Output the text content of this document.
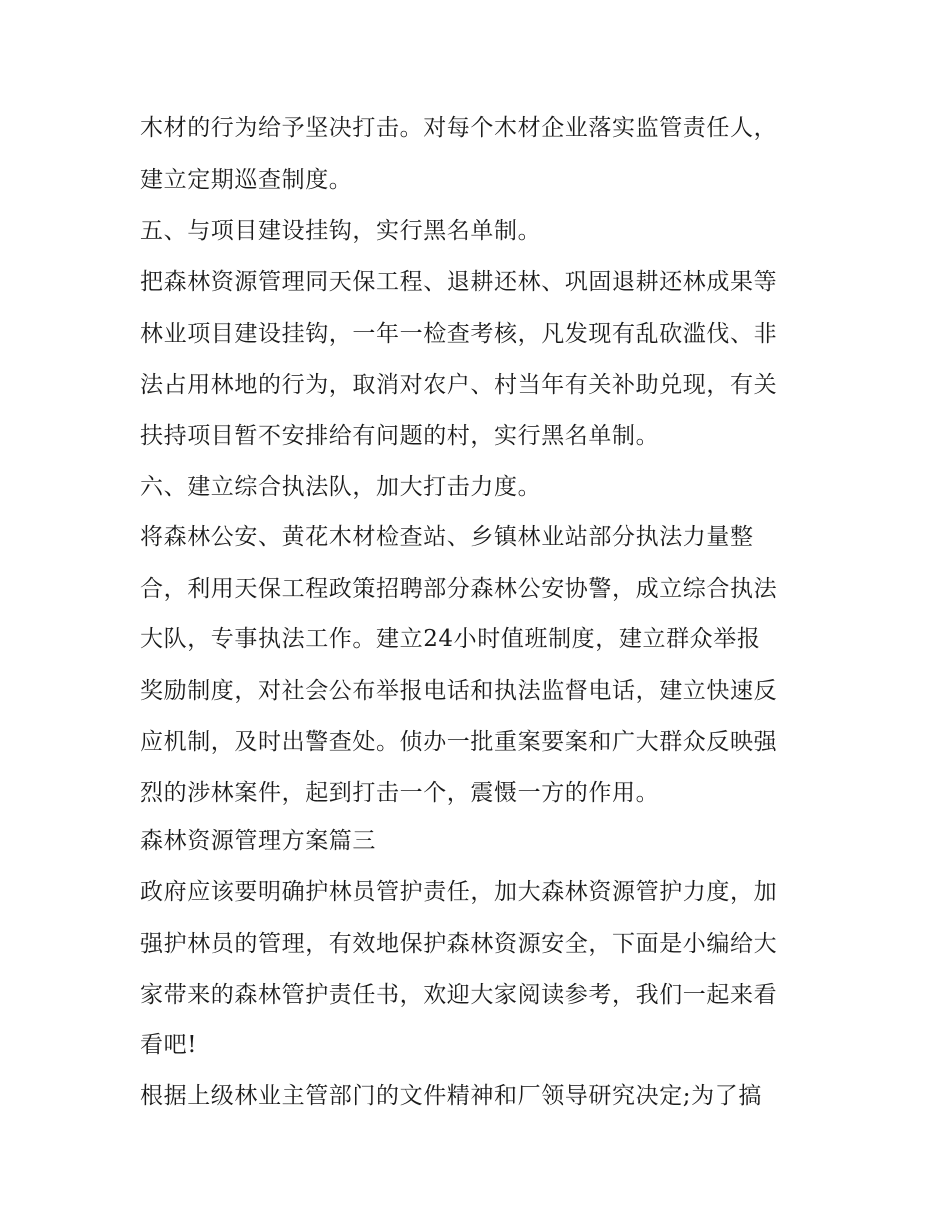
木材的行为给予坚决打击。对每个木材企业落实监管责任人，
建立定期巡查制度。
五、与项目建设挂钩，实行黑名单制。
把森林资源管理同天保工程、退耕还林、巩固退耕还林成果等
林业项目建设挂钩，一年一检查考核，凡发现有乱砍滥伐、非
法占用林地的行为，取消对农户、村当年有关补助兑现，有关
扶持项目暂不安排给有问题的村，实行黑名单制。
六、建立综合执法队，加大打击力度。
将森林公安、黄花木材检查站、乡镇林业站部分执法力量整
合，利用天保工程政策招聘部分森林公安协警，成立综合执法
大队，专事执法工作。建立24小时值班制度，建立群众举报
奖励制度，对社会公布举报电话和执法监督电话，建立快速反
应机制，及时出警查处。侦办一批重案要案和广大群众反映强
烈的涉林案件，起到打击一个，震慑一方的作用。
森林资源管理方案篇三
政府应该要明确护林员管护责任，加大森林资源管护力度，加
强护林员的管理，有效地保护森林资源安全，下面是小编给大
家带来的森林管护责任书，欢迎大家阅读参考，我们一起来看
看吧!
根据上级林业主管部门的文件精神和厂领导研究决定;为了搞
